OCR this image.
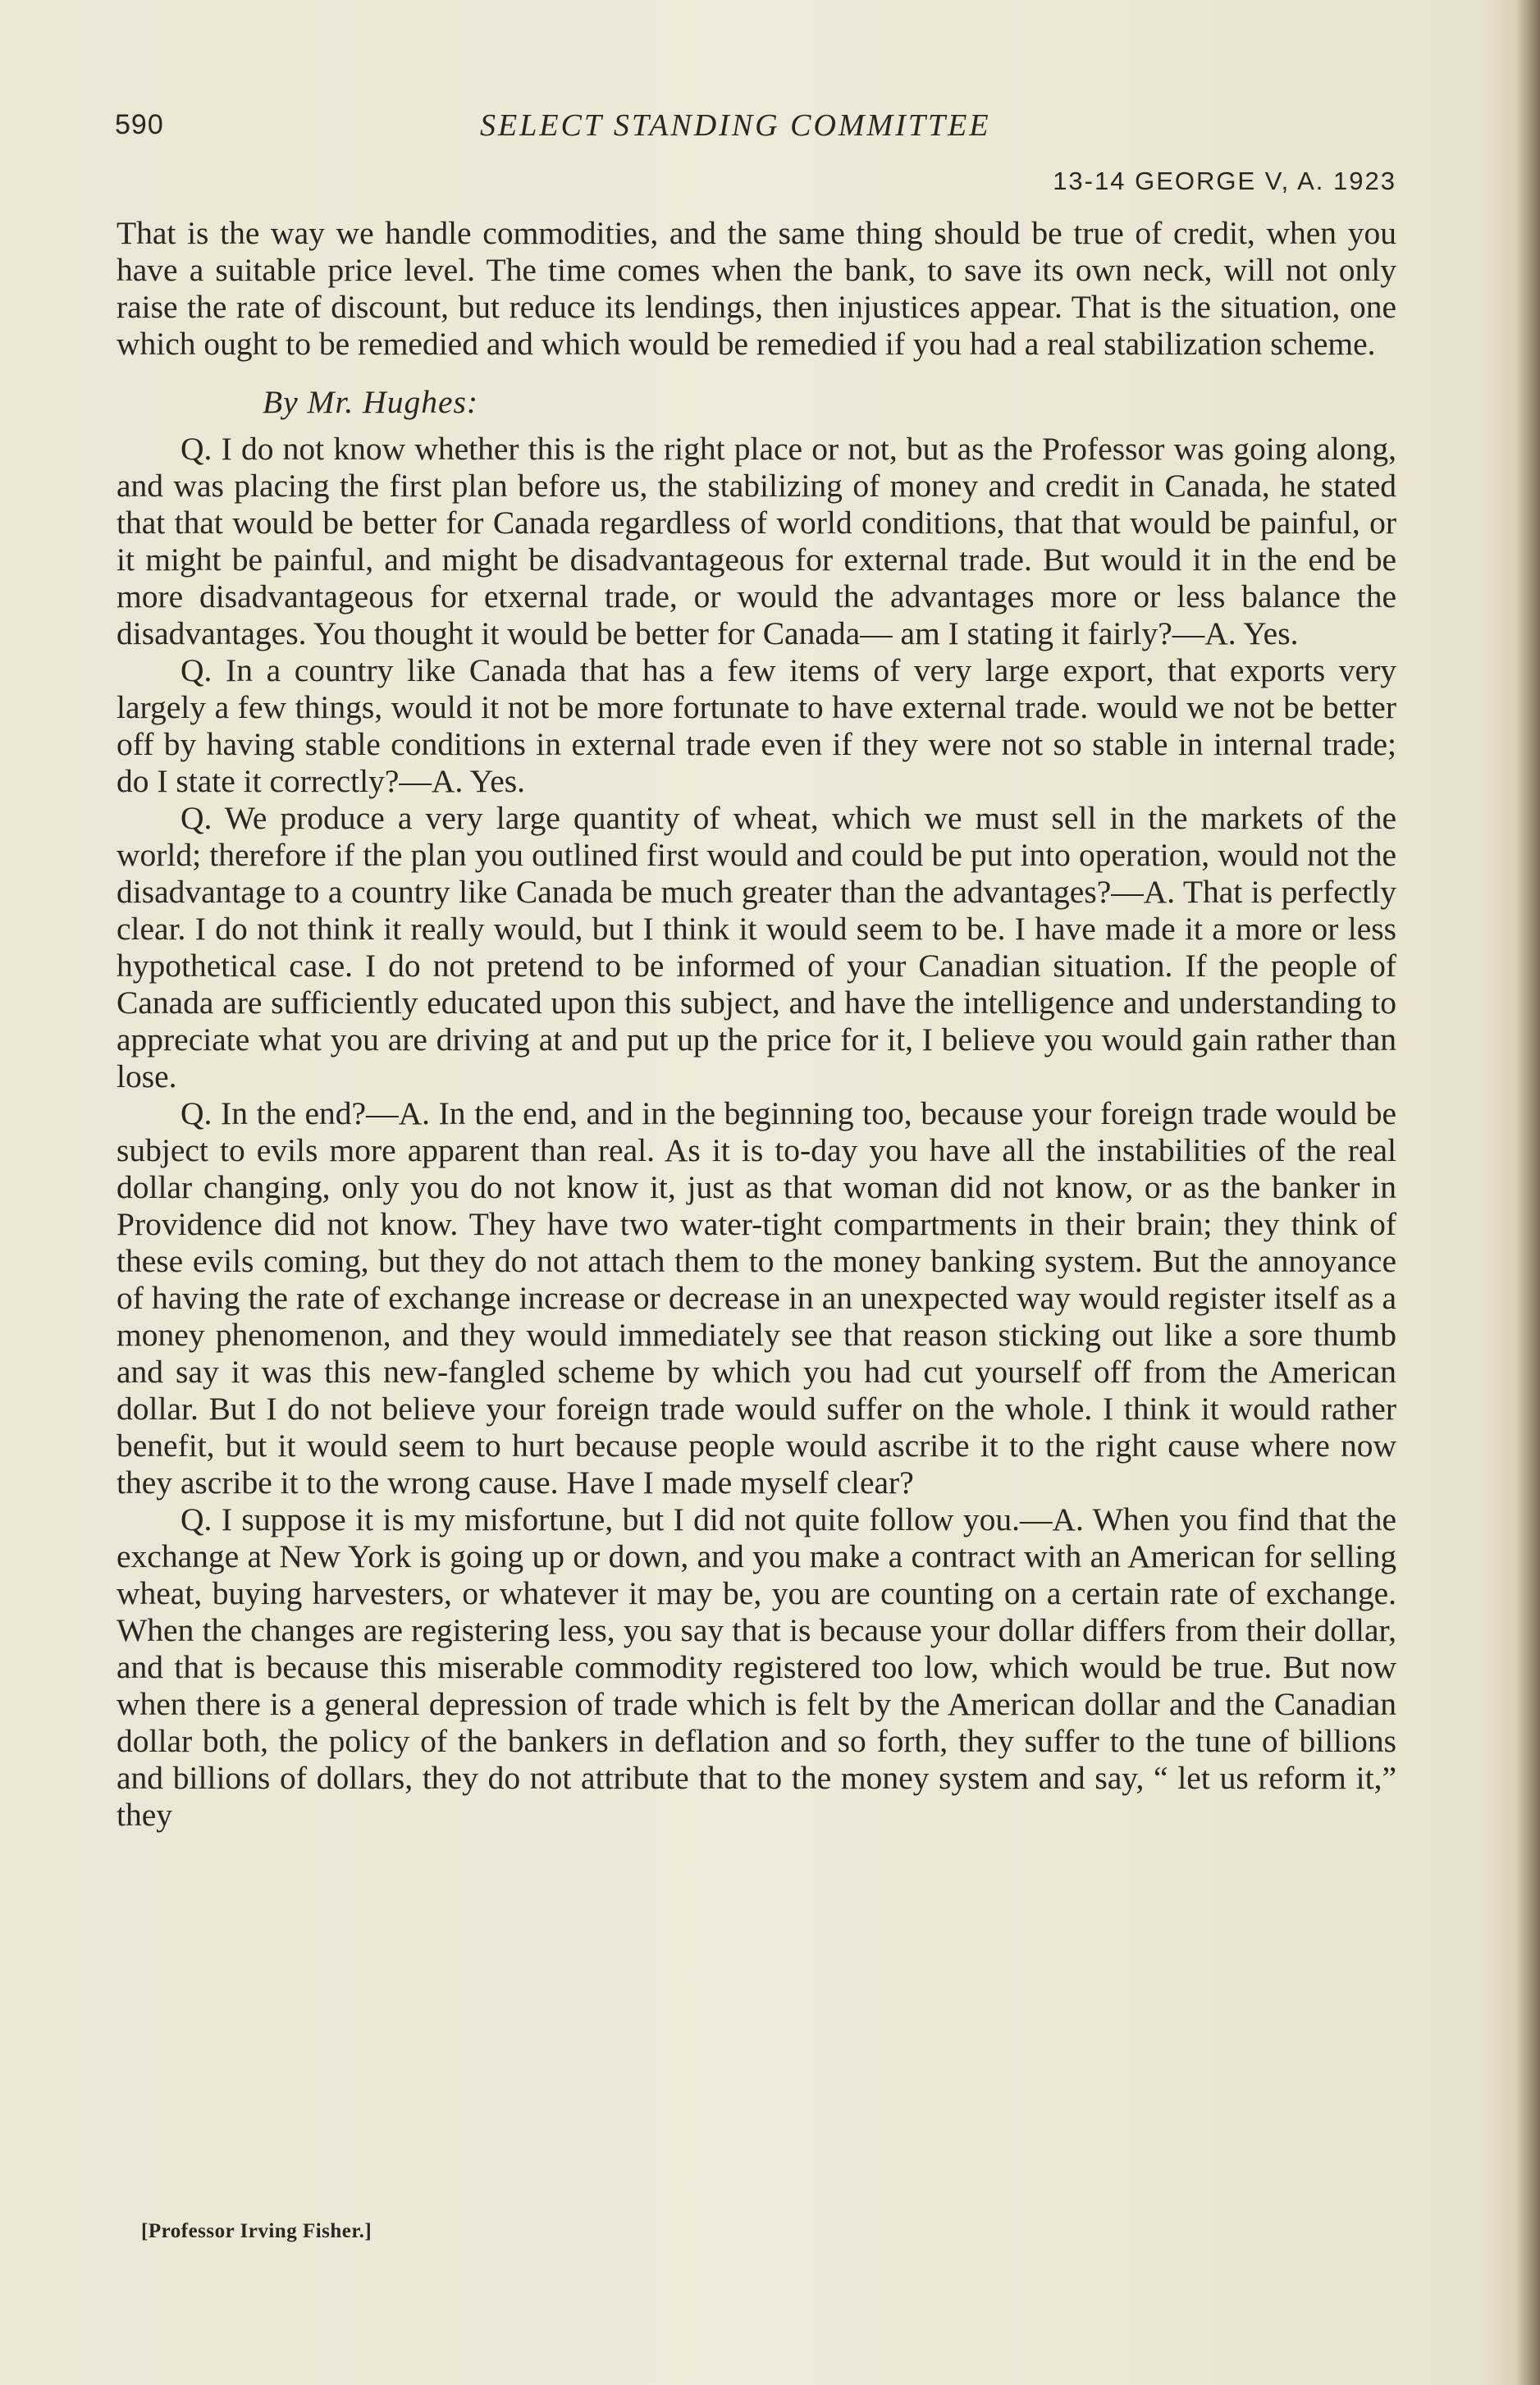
590	SELECT STANDING COMMITTEE
13-14 GEORGE V, A. 1923

That is the way we handle commodities, and the same thing should be true of credit, when you have a suitable price level. The time comes when the bank, to save its own neck, will not only raise the rate of discount, but reduce its lendings, then injustices appear. That is the situation, one which ought to be remedied and which would be remedied if you had a real stabilization scheme.

By Mr. Hughes:

Q. I do not know whether this is the right place or not, but as the Professor was going along, and was placing the first plan before us, the stabilizing of money and credit in Canada, he stated that that would be better for Canada regardless of world conditions, that that would be painful, or it might be painful, and might be disadvantageous for external trade. But would it in the end be more disadvantageous for etxernal trade, or would the advantages more or less balance the disadvantages. You thought it would be better for Canada— am I stating it fairly?—A. Yes.

Q. In a country like Canada that has a few items of very large export, that exports very largely a few things, would it not be more fortunate to have external trade. would we not be better off by having stable conditions in external trade even if they were not so stable in internal trade; do I state it correctly?—A. Yes.

Q. We produce a very large quantity of wheat, which we must sell in the markets of the world; therefore if the plan you outlined first would and could be put into operation, would not the disadvantage to a country like Canada be much greater than the advantages?—A. That is perfectly clear. I do not think it really would, but I think it would seem to be. I have made it a more or less hypothetical case. I do not pretend to be informed of your Canadian situation. If the people of Canada are sufficiently educated upon this subject, and have the intelligence and understanding to appreciate what you are driving at and put up the price for it, I believe you would gain rather than lose.

Q. In the end?—A. In the end, and in the beginning too, because your foreign trade would be subject to evils more apparent than real. As it is to-day you have all the instabilities of the real dollar changing, only you do not know it, just as that woman did not know, or as the banker in Providence did not know. They have two water-tight compartments in their brain; they think of these evils coming, but they do not attach them to the money banking system. But the annoyance of having the rate of exchange increase or decrease in an unexpected way would register itself as a money phenomenon, and they would immediately see that reason sticking out like a sore thumb and say it was this new-fangled scheme by which you had cut yourself off from the American dollar. But I do not believe your foreign trade would suffer on the whole. I think it would rather benefit, but it would seem to hurt because people would ascribe it to the right cause where now they ascribe it to the wrong cause. Have I made myself clear?

Q. I suppose it is my misfortune, but I did not quite follow you.—A. When you find that the exchange at New York is going up or down, and you make a contract with an American for selling wheat, buying harvesters, or whatever it may be, you are counting on a certain rate of exchange. When the changes are registering less, you say that is because your dollar differs from their dollar, and that is because this miserable commodity registered too low, which would be true. But now when there is a general depression of trade which is felt by the American dollar and the Canadian dollar both, the policy of the bankers in deflation and so forth, they suffer to the tune of billions and billions of dollars, they do not attribute that to the money system and say, “ let us reform it,” they

[Professor Irving Fisher.]
